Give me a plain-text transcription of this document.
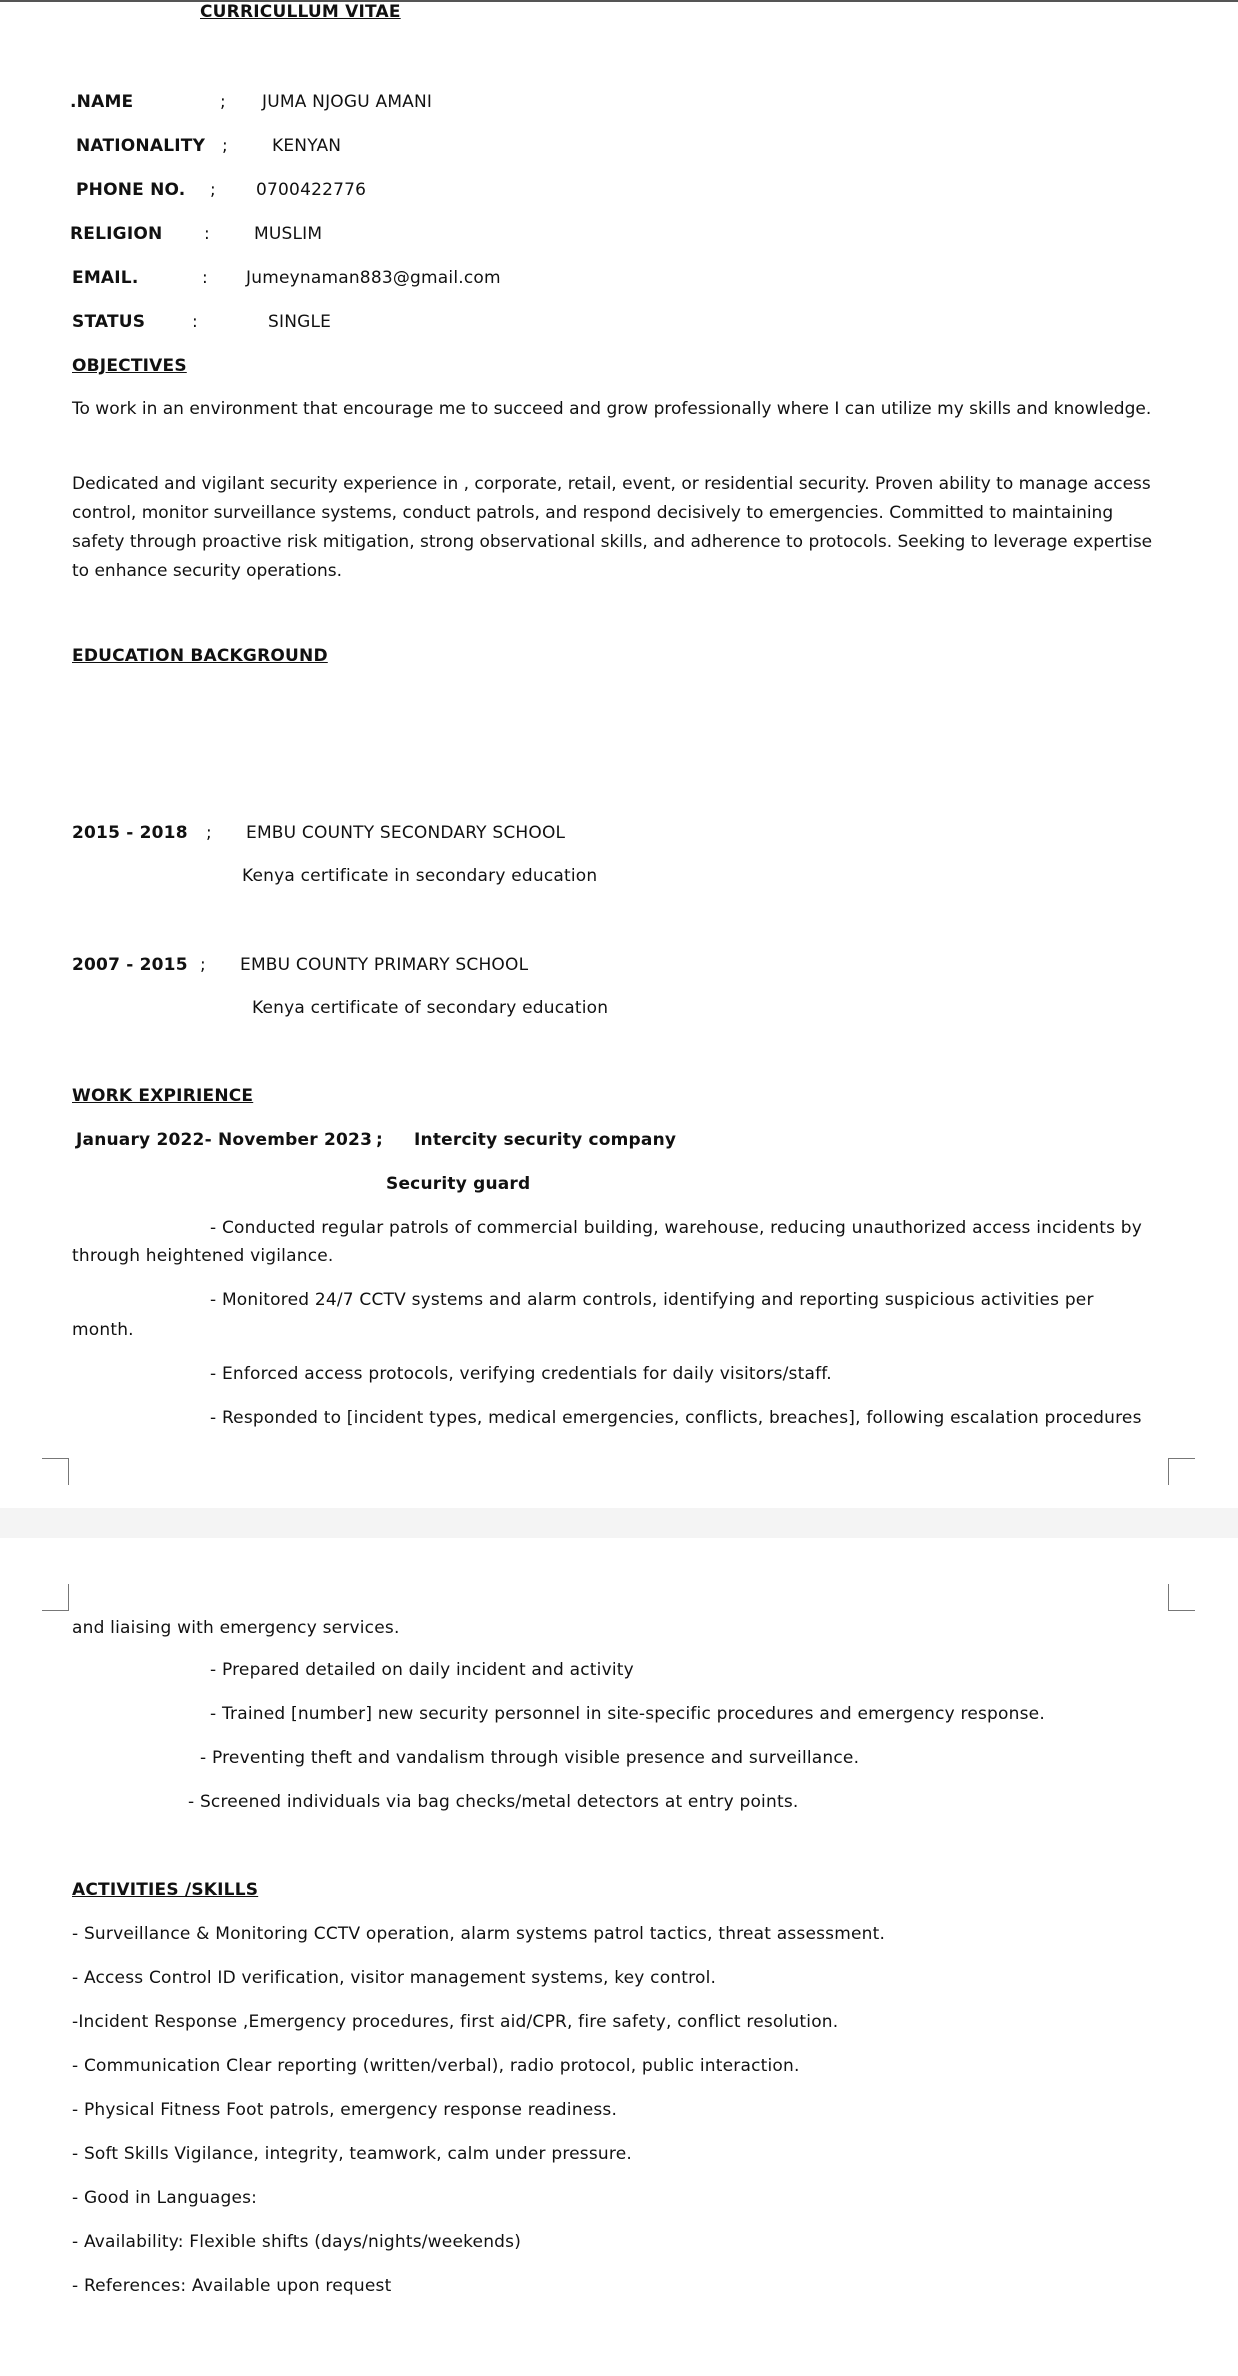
CURRICULLUM VITAE
.NAME	; JUMA NJOGU AMANI
NATIONALITY ;	KENYAN
PHONE NO. ; 0700422776
RELIGION :	MUSLIM
EMAIL.	: Jumeynaman883@gmail.com
STATUS	:	SINGLE
OBJECTIVES

To work in an environment that encourage me to succeed and grow professionally where I can utilize my skills and knowledge.

Dedicated and vigilant security experience in , corporate, retail, event, or residential security. Proven ability to manage access control, monitor surveillance systems, conduct patrols, and respond decisively to emergencies. Committed to maintaining safety through proactive risk mitigation, strong observational skills, and adherence to protocols. Seeking to leverage expertise to enhance security operations.

EDUCATION BACKGROUND
2015 - 2018 ; EMBU COUNTY SECONDARY SCHOOL
Kenya certificate in secondary education
2007 - 2015 ; EMBU COUNTY PRIMARY SCHOOL
Kenya certificate of secondary education
WORK EXPIRIENCE
January 2022- November 2023 ; Intercity security company
Security guard
- Conducted regular patrols of commercial building, warehouse, reducing unauthorized access incidents by
through heightened vigilance.
- Monitored 24/7 CCTV systems and alarm controls, identifying and reporting suspicious activities per
month.
- Enforced access protocols, verifying credentials for daily visitors/staff.
- Responded to [incident types, medical emergencies, conflicts, breaches], following escalation procedures
and liaising with emergency services.
- Prepared detailed on daily incident and activity
- Trained [number] new security personnel in site-specific procedures and emergency response.
- Preventing theft and vandalism through visible presence and surveillance.
- Screened individuals via bag checks/metal detectors at entry points.
ACTIVITIES /SKILLS
- Surveillance & Monitoring CCTV operation, alarm systems patrol tactics, threat assessment.
- Access Control ID verification, visitor management systems, key control.
-Incident Response ,Emergency procedures, first aid/CPR, fire safety, conflict resolution.
- Communication Clear reporting (written/verbal), radio protocol, public interaction.
- Physical Fitness Foot patrols, emergency response readiness.
- Soft Skills Vigilance, integrity, teamwork, calm under pressure.
- Good in Languages:
- Availability: Flexible shifts (days/nights/weekends)
- References: Available upon request
